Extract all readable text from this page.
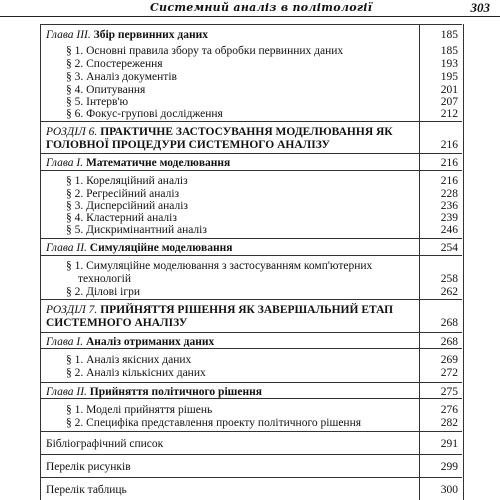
Системний аналіз в політології	303
Глава ІІІ. Збір первинних даних	185
§ 1. Основні правила збору та обробки первинних даних	185
§ 2. Спостереження	193
§ 3. Аналіз документів	195
§ 4. Опитування	201
§ 5. Інтерв'ю	207
§ 6. Фокус-групові дослідження	212
РОЗДІЛ 6. ПРАКТИЧНЕ ЗАСТОСУВАННЯ МОДЕЛЮВАННЯ ЯК ГОЛОВНОЇ ПРОЦЕДУРИ СИСТЕМНОГО АНАЛІЗУ	216
Глава І. Математичне моделювання	216
§ 1. Кореляційний аналіз	216
§ 2. Регресійний аналіз	228
§ 3. Дисперсійний аналіз	236
§ 4. Кластерний аналіз	239
§ 5. Дискримінантний аналіз	246
Глава ІІ. Симуляційне моделювання	254
§ 1. Симуляційне моделювання з застосуванням комп'ютерних технологій	258
§ 2. Ділові ігри	262
РОЗДІЛ 7. ПРИЙНЯТТЯ РІШЕННЯ ЯК ЗАВЕРШАЛЬНИЙ ЕТАП СИСТЕМНОГО АНАЛІЗУ	268
Глава І. Аналіз отриманих даних	268
§ 1. Аналіз якісних даних	269
§ 2. Аналіз кількісних даних	272
Глава ІІ. Прийняття політичного рішення	275
§ 1. Моделі прийняття рішень	276
§ 2. Специфіка представлення проекту політичного рішення	282
Бібліографічний список	291
Перелік рисунків	299
Перелік таблиць	300
